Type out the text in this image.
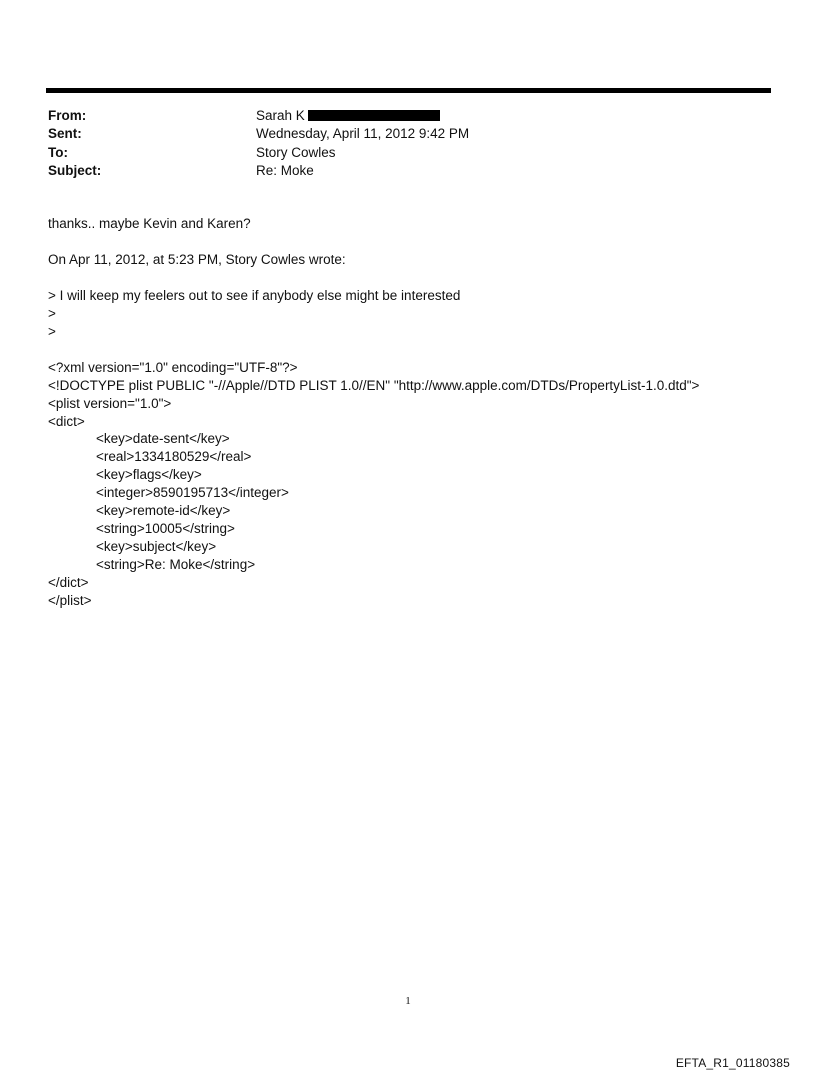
From:	Sarah K
Sent:	Wednesday, April 11, 2012 9:42 PM
To:	Story Cowles
Subject:	Re: Moke
thanks.. maybe Kevin and Karen?
On Apr 11, 2012, at 5:23 PM, Story Cowles wrote:
> I will keep my feelers out to see if anybody else might be interested
>
>
<?xml version="1.0" encoding="UTF-8"?>
<!DOCTYPE plist PUBLIC "-//Apple//DTD PLIST 1.0//EN" "http://www.apple.com/DTDs/PropertyList-1.0.dtd">
<plist version="1.0">
<dict>
<key>date-sent</key>
<real>1334180529</real>
<key>flags</key>
<integer>8590195713</integer>
<key>remote-id</key>
<string>10005</string>
<key>subject</key>
<string>Re: Moke</string>
</dict>
</plist>
1
EFTA_R1_01180385
